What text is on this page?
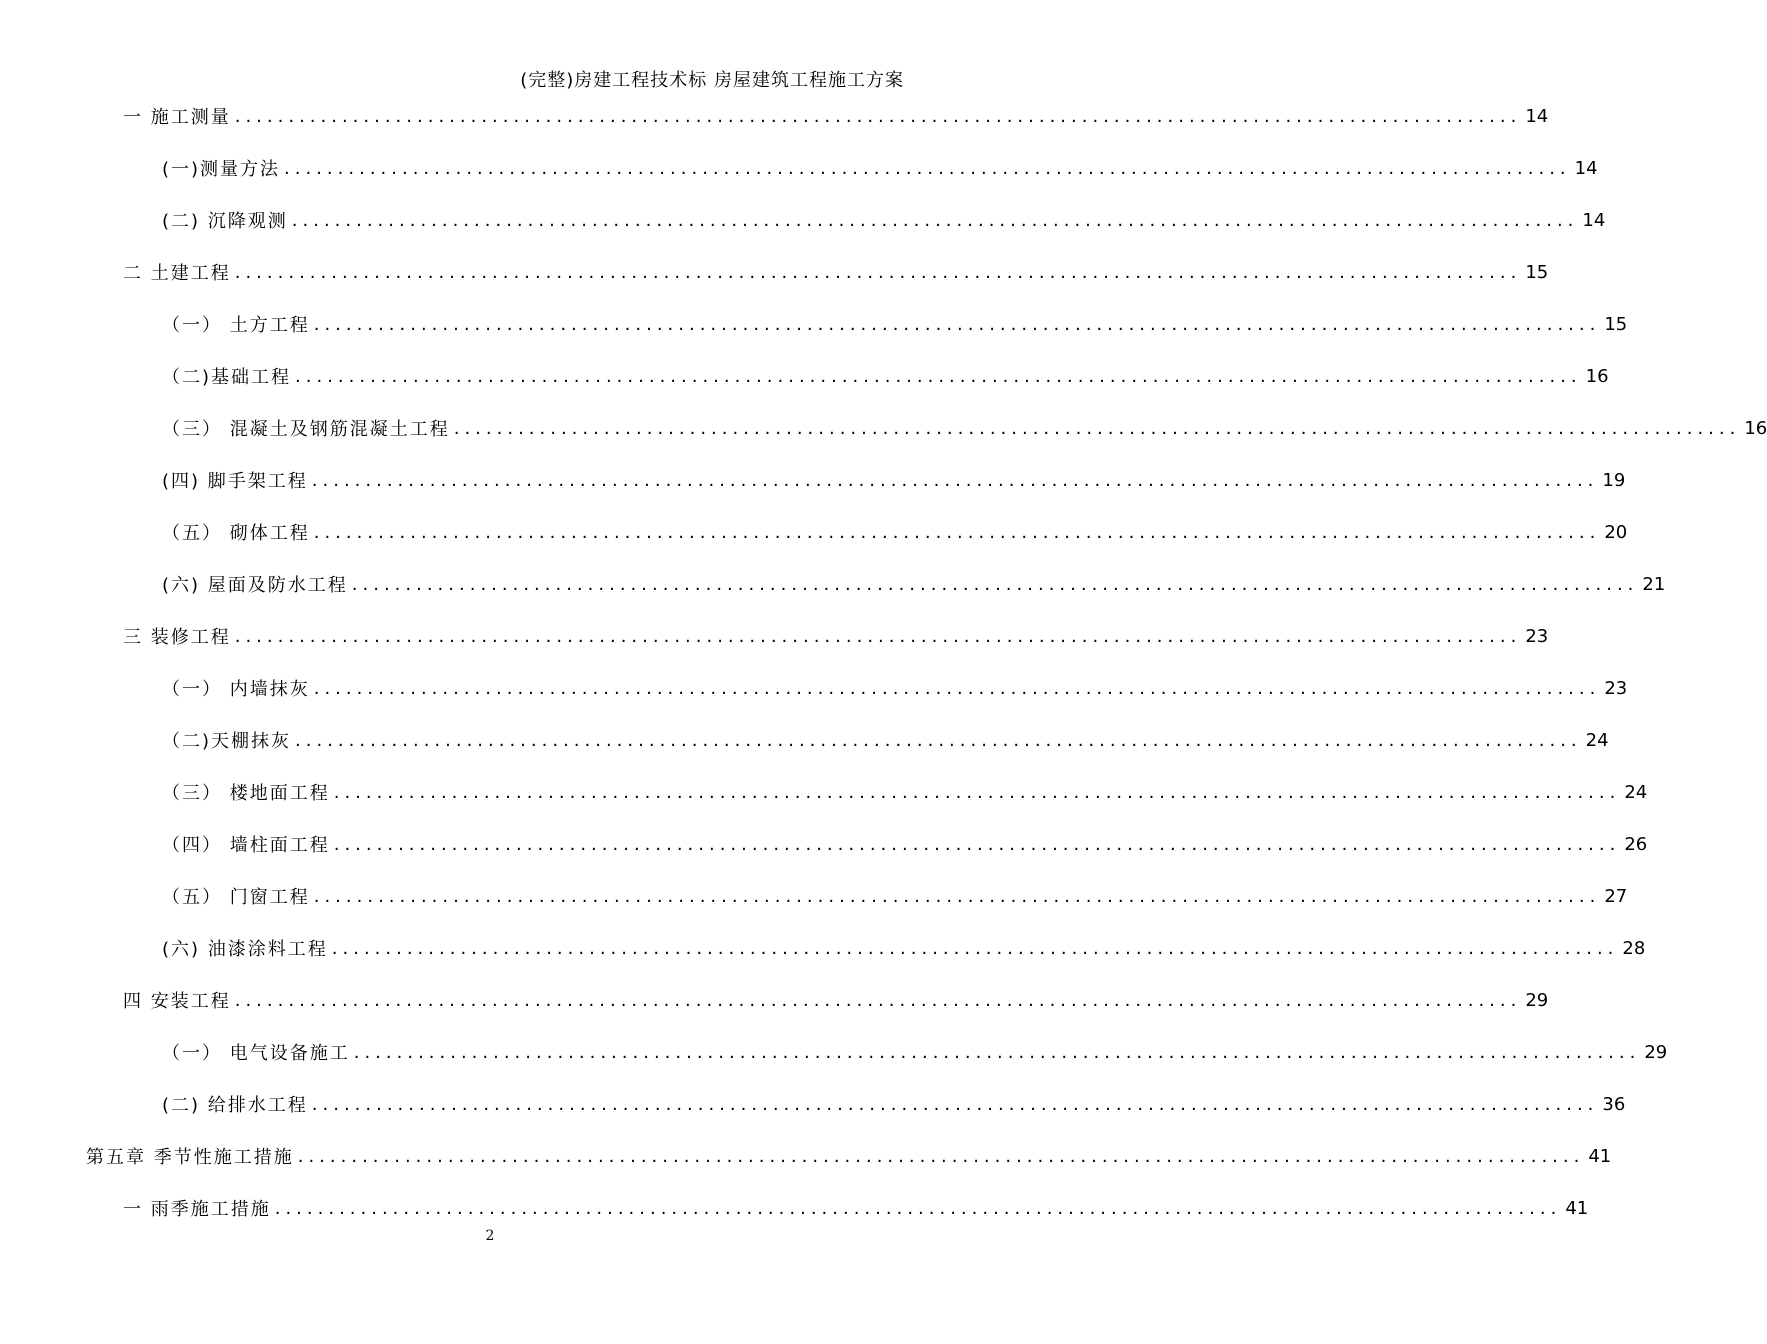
(完整)房建工程技术标 房屋建筑工程施工方案
一 施工测量 ........................................................................................................................ 14
(一)测量方法 ........................................................................................................................ 14
(二) 沉降观测 ........................................................................................................................ 14
二 土建工程 ........................................................................................................................ 15
（一） 土方工程 ........................................................................................................................ 15
（二)基础工程 ........................................................................................................................ 16
（三） 混凝土及钢筋混凝土工程 ........................................................................................................................ 16
(四) 脚手架工程 ........................................................................................................................ 19
（五） 砌体工程 ........................................................................................................................ 20
(六) 屋面及防水工程 ........................................................................................................................ 21
三 装修工程 ........................................................................................................................ 23
（一） 内墙抹灰 ........................................................................................................................ 23
（二)天棚抹灰 ........................................................................................................................ 24
（三） 楼地面工程 ........................................................................................................................ 24
（四） 墙柱面工程 ........................................................................................................................ 26
（五） 门窗工程 ........................................................................................................................ 27
(六) 油漆涂料工程 ........................................................................................................................ 28
四 安装工程 ........................................................................................................................ 29
（一） 电气设备施工 ........................................................................................................................ 29
(二) 给排水工程 ........................................................................................................................ 36
第五章 季节性施工措施 ........................................................................................................................ 41
一 雨季施工措施 ........................................................................................................................ 41
2
